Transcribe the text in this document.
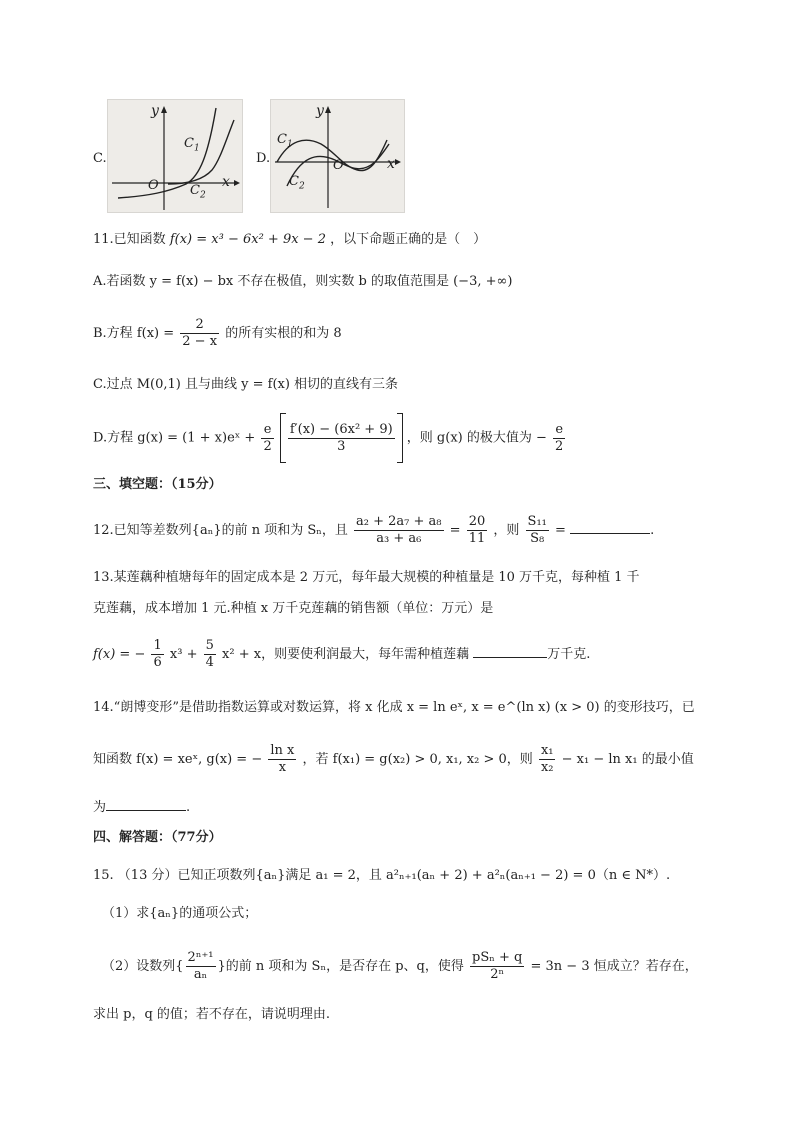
C.
y
x
O
$C_1$
$C_2$
D.
y
x
O
$C_1$
$C_2$
11.已知函数 f(x) = x³ − 6x² + 9x − 2 ，以下命题正确的是（　）
A.若函数 y = f(x) − bx 不存在极值，则实数 b 的取值范围是 (−3, +∞)
B.方程 $f(x) = \frac{2}{2 - x}$ 的所有实根的和为 8
C.过点 M(0,1) 且与曲线 y = f(x) 相切的直线有三条
D.方程 g(x) = (1 + x)eˣ + $\frac{e}{2}$
$\frac{\text{f′(x) − (6x² + 9)}}{3}$ ，则 g(x) 的极大值为 − $\frac{e}{2}$
三、填空题：（15分）
12.已知等差数列{aₙ}的前 n 项和为 Sₙ，且 $\frac{\text{a₂ + 2a₇ + a₈}}{\text{a₃ + a₆}} = \frac{20}{11}$ ，则 $\frac{\text{S₁₁}}{\text{S₈}}$ =	.
13.某莲藕种植塘每年的固定成本是 2 万元，每年最大规模的种植量是 10 万千克，每种植 1 千
克莲藕，成本增加 1 元.种植 x 万千克莲藕的销售额（单位：万元）是
f(x) = − $\frac{1}{6} x^3 + \frac{5}{4} x^2 + x$，则要使利润最大，每年需种植莲藕	万千克.
14.“朗博变形”是借助指数运算或对数运算，将 x 化成 x = ln eˣ, x = e^(ln x) (x > 0) 的变形技巧，已
知函数 f(x) = xeˣ, g(x) = − $\frac{\text{ln x}}{x}$ ，若 f(x₁) = g(x₂) > 0, x₁, x₂ > 0，则 $\frac{\text{x₁}}{\text{x₂}} - x_1 - \ln x_1$ 的最小值
为	.
四、解答题：（77分）
15. （13 分）已知正项数列{aₙ}满足 a₁ = 2，且 a²ₙ₊₁(aₙ + 2) + a²ₙ(aₙ₊₁ − 2) = 0（n ∈ N*）.
（1）求{aₙ}的通项公式；
（2）设数列{ $\frac{\text{2ⁿ⁺¹}}{\text{aₙ}}$ }的前 n 项和为 Sₙ，是否存在 p、q，使得 $\frac{\text{pSₙ + q}}{\text{2ⁿ}} = 3n - 3$ 恒成立？若存在，
求出 p，q 的值；若不存在，请说明理由.
